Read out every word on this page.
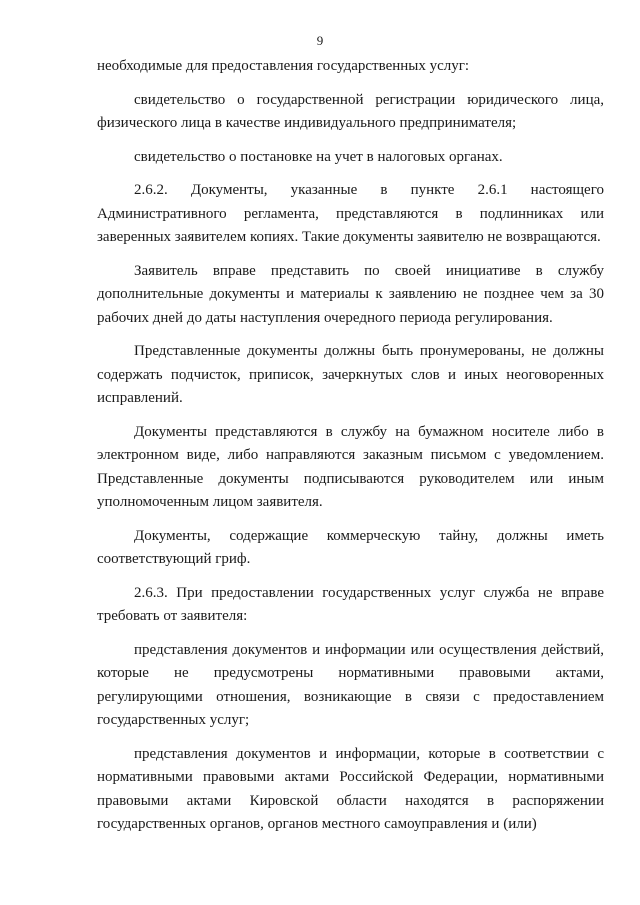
9

необходимые для предоставления государственных услуг:

свидетельство о государственной регистрации юридического лица, физического лица в качестве индивидуального предпринимателя;

свидетельство о постановке на учет в налоговых органах.

2.6.2. Документы, указанные в пункте 2.6.1 настоящего Административного регламента, представляются в подлинниках или заверенных заявителем копиях. Такие документы заявителю не возвращаются.

Заявитель вправе представить по своей инициативе в службу дополнительные документы и материалы к заявлению не позднее чем за 30 рабочих дней до даты наступления очередного периода регулирования.

Представленные документы должны быть пронумерованы, не должны содержать подчисток, приписок, зачеркнутых слов и иных неоговоренных исправлений.

Документы представляются в службу на бумажном носителе либо в электронном виде, либо направляются заказным письмом с уведомлением. Представленные документы подписываются руководителем или иным уполномоченным лицом заявителя.

Документы, содержащие коммерческую тайну, должны иметь соответствующий гриф.

2.6.3. При предоставлении государственных услуг служба не вправе требовать от заявителя:

представления документов и информации или осуществления действий, которые не предусмотрены нормативными правовыми актами, регулирующими отношения, возникающие в связи с предоставлением государственных услуг;

представления документов и информации, которые в соответствии с нормативными правовыми актами Российской Федерации, нормативными правовыми актами Кировской области находятся в распоряжении государственных органов, органов местного самоуправления и (или)
